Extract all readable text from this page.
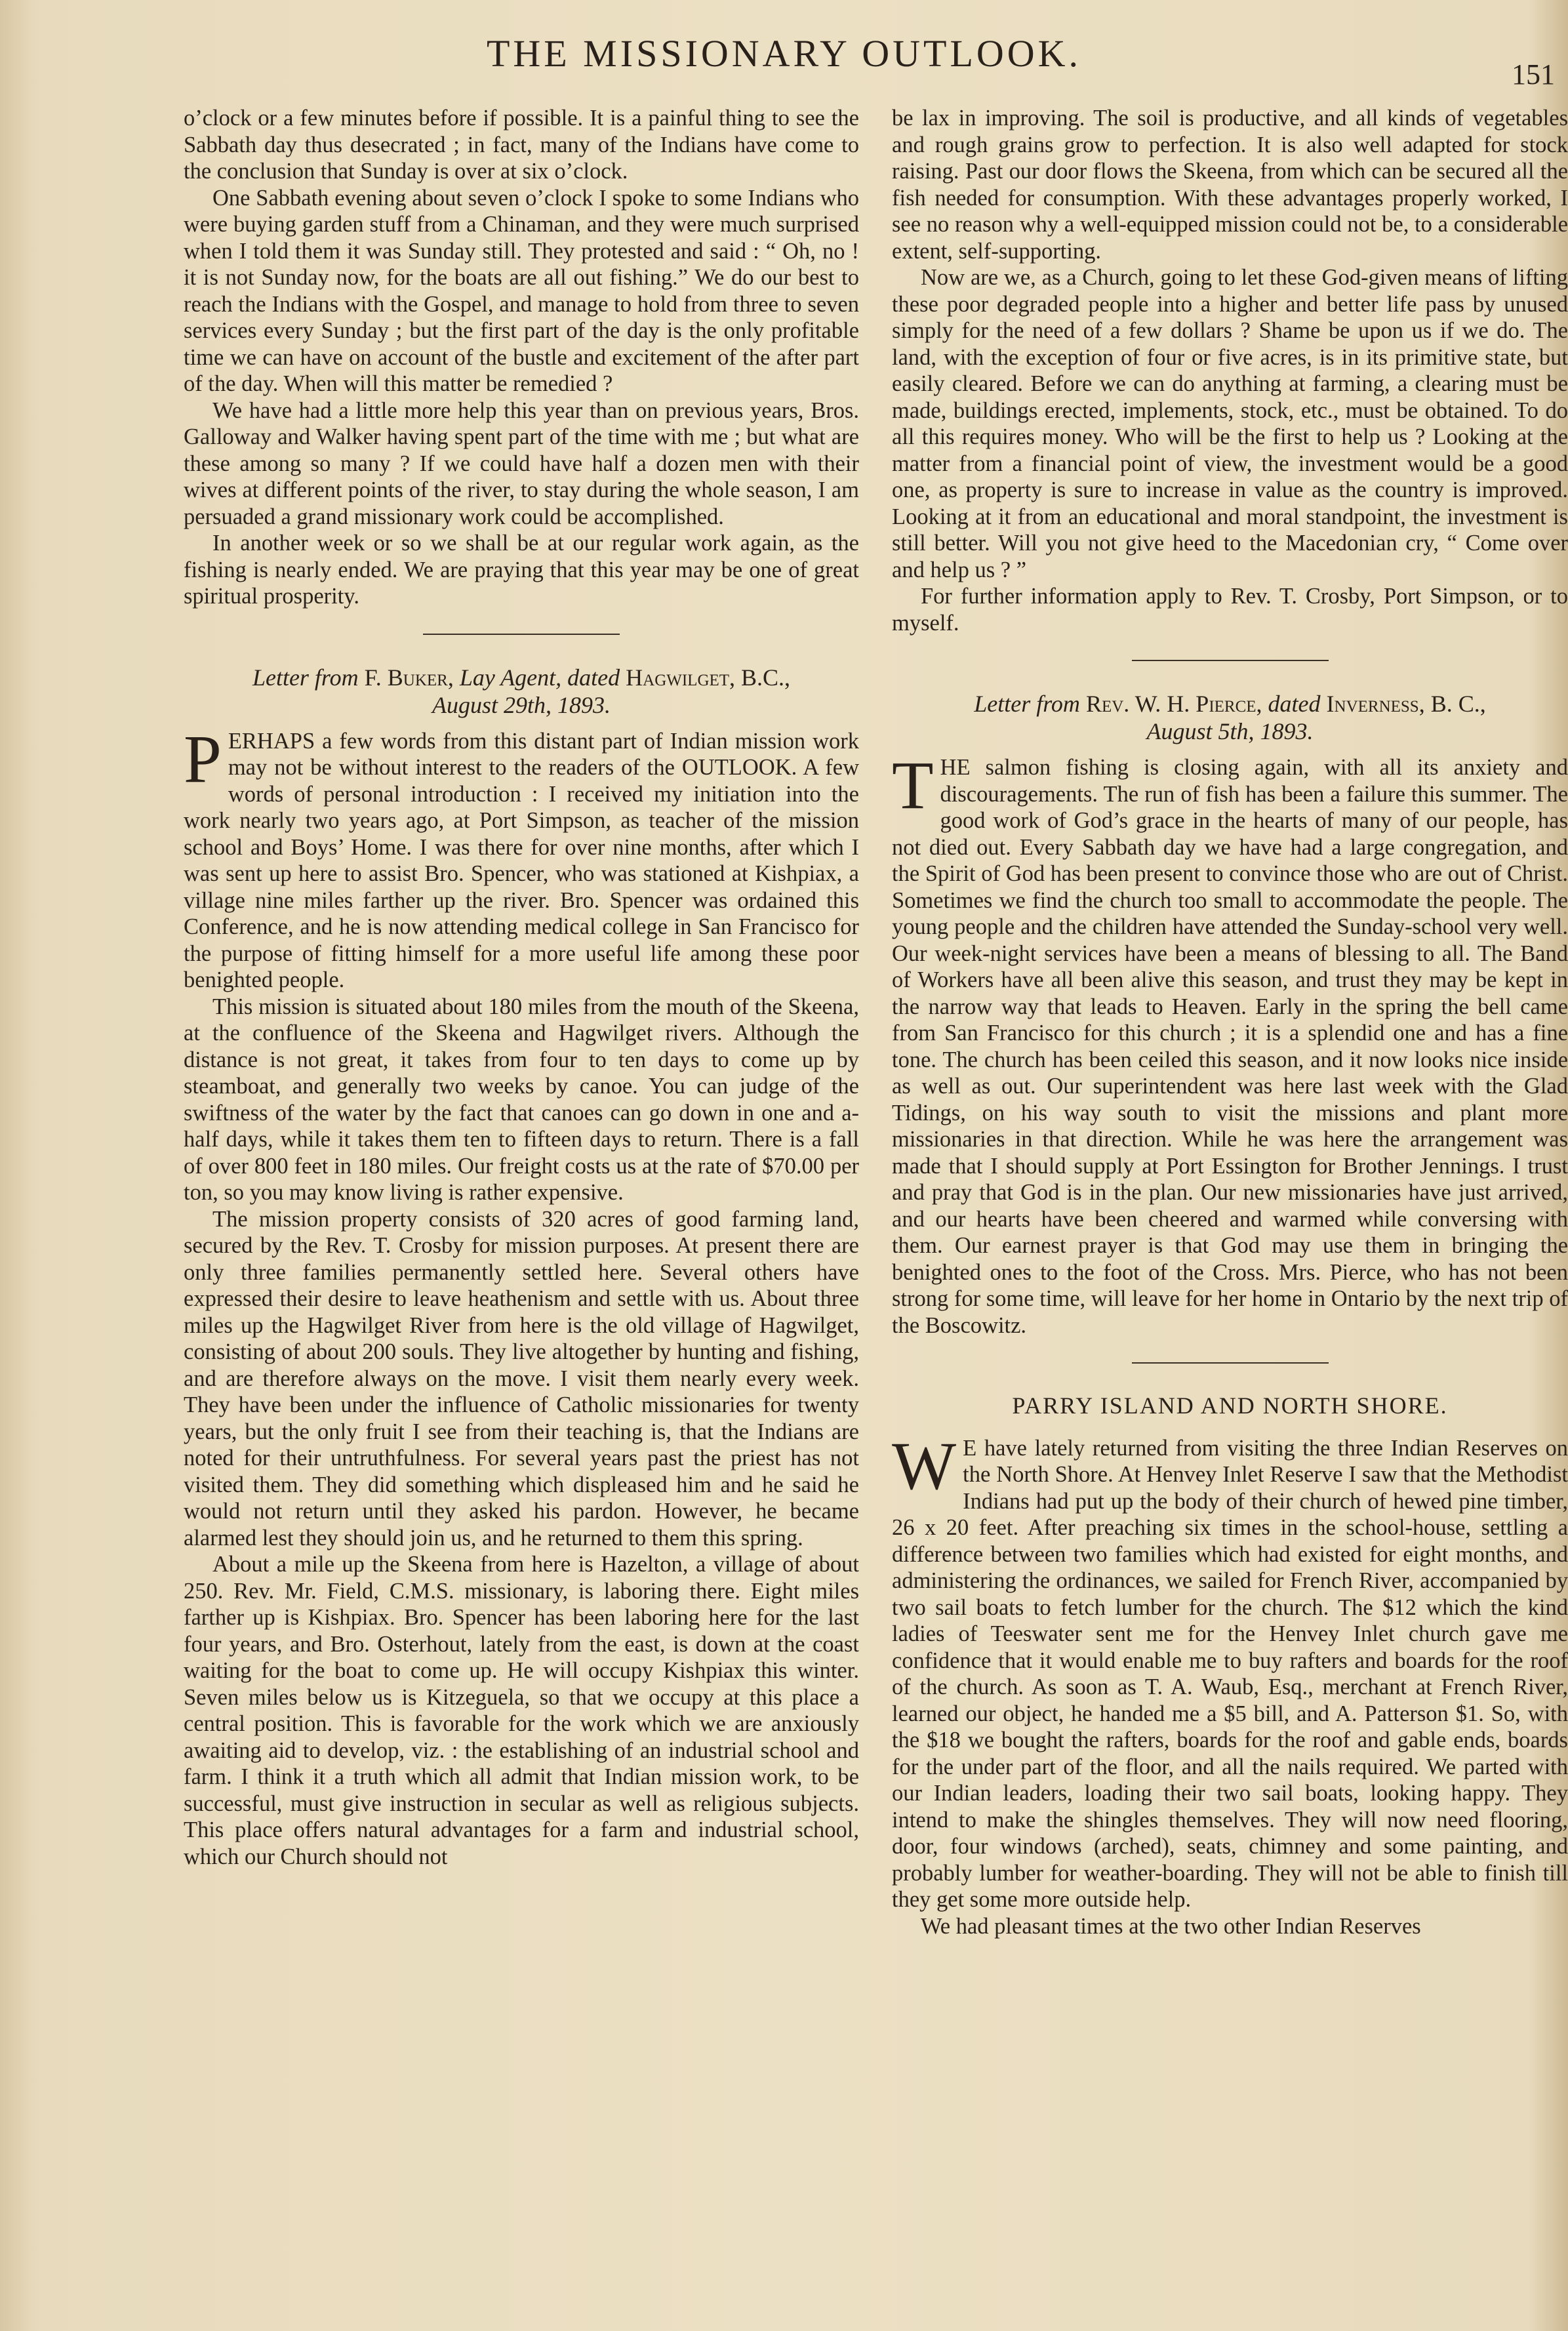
THE MISSIONARY OUTLOOK.	151

o’clock or a few minutes before if possible. It is a painful thing to see the Sabbath day thus desecrated ; in fact, many of the Indians have come to the conclusion that Sunday is over at six o’clock.

One Sabbath evening about seven o’clock I spoke to some Indians who were buying garden stuff from a Chinaman, and they were much surprised when I told them it was Sunday still. They protested and said : “ Oh, no ! it is not Sunday now, for the boats are all out fishing.” We do our best to reach the Indians with the Gospel, and manage to hold from three to seven services every Sunday ; but the first part of the day is the only profitable time we can have on account of the bustle and excitement of the after part of the day. When will this matter be remedied ?

We have had a little more help this year than on previous years, Bros. Galloway and Walker having spent part of the time with me ; but what are these among so many ? If we could have half a dozen men with their wives at different points of the river, to stay during the whole season, I am persuaded a grand missionary work could be accomplished.

In another week or so we shall be at our regular work again, as the fishing is nearly ended. We are praying that this year may be one of great spiritual prosperity.

Letter from F. Buker, Lay Agent, dated Hagwilget, B.C.,
August 29th, 1893.

PERHAPS a few words from this distant part of Indian mission work may not be without interest to the readers of the OUTLOOK. A few words of personal introduction : I received my initiation into the work nearly two years ago, at Port Simpson, as teacher of the mission school and Boys’ Home. I was there for over nine months, after which I was sent up here to assist Bro. Spencer, who was stationed at Kishpiax, a village nine miles farther up the river. Bro. Spencer was ordained this Conference, and he is now attending medical college in San Francisco for the purpose of fitting himself for a more useful life among these poor benighted people.

This mission is situated about 180 miles from the mouth of the Skeena, at the confluence of the Skeena and Hagwilget rivers. Although the distance is not great, it takes from four to ten days to come up by steamboat, and generally two weeks by canoe. You can judge of the swiftness of the water by the fact that canoes can go down in one and a-half days, while it takes them ten to fifteen days to return. There is a fall of over 800 feet in 180 miles. Our freight costs us at the rate of $70.00 per ton, so you may know living is rather expensive.

The mission property consists of 320 acres of good farming land, secured by the Rev. T. Crosby for mission purposes. At present there are only three families permanently settled here. Several others have expressed their desire to leave heathenism and settle with us. About three miles up the Hagwilget River from here is the old village of Hagwilget, consisting of about 200 souls. They live altogether by hunting and fishing, and are therefore always on the move. I visit them nearly every week. They have been under the influence of Catholic missionaries for twenty years, but the only fruit I see from their teaching is, that the Indians are noted for their untruthfulness. For several years past the priest has not visited them. They did something which displeased him and he said he would not return until they asked his pardon. However, he became alarmed lest they should join us, and he returned to them this spring.

About a mile up the Skeena from here is Hazelton, a village of about 250. Rev. Mr. Field, C.M.S. missionary, is laboring there. Eight miles farther up is Kishpiax. Bro. Spencer has been laboring here for the last four years, and Bro. Osterhout, lately from the east, is down at the coast waiting for the boat to come up. He will occupy Kishpiax this winter. Seven miles below us is Kitzeguela, so that we occupy at this place a central position. This is favorable for the work which we are anxiously awaiting aid to develop, viz. : the establishing of an industrial school and farm. I think it a truth which all admit that Indian mission work, to be successful, must give instruction in secular as well as religious subjects. This place offers natural advantages for a farm and industrial school, which our Church should not

be lax in improving. The soil is productive, and all kinds of vegetables and rough grains grow to perfection. It is also well adapted for stock raising. Past our door flows the Skeena, from which can be secured all the fish needed for consumption. With these advantages properly worked, I see no reason why a well-equipped mission could not be, to a considerable extent, self-supporting.

Now are we, as a Church, going to let these God-given means of lifting these poor degraded people into a higher and better life pass by unused simply for the need of a few dollars ? Shame be upon us if we do. The land, with the exception of four or five acres, is in its primitive state, but easily cleared. Before we can do anything at farming, a clearing must be made, buildings erected, implements, stock, etc., must be obtained. To do all this requires money. Who will be the first to help us ? Looking at the matter from a financial point of view, the investment would be a good one, as property is sure to increase in value as the country is improved. Looking at it from an educational and moral standpoint, the investment is still better. Will you not give heed to the Macedonian cry, “ Come over and help us ? ”

For further information apply to Rev. T. Crosby, Port Simpson, or to myself.

Letter from Rev. W. H. Pierce, dated Inverness, B. C.,
August 5th, 1893.

THE salmon fishing is closing again, with all its anxiety and discouragements. The run of fish has been a failure this summer. The good work of God’s grace in the hearts of many of our people, has not died out. Every Sabbath day we have had a large congregation, and the Spirit of God has been present to convince those who are out of Christ. Sometimes we find the church too small to accommodate the people. The young people and the children have attended the Sunday-school very well. Our week-night services have been a means of blessing to all. The Band of Workers have all been alive this season, and trust they may be kept in the narrow way that leads to Heaven. Early in the spring the bell came from San Francisco for this church ; it is a splendid one and has a fine tone. The church has been ceiled this season, and it now looks nice inside as well as out. Our superintendent was here last week with the Glad Tidings, on his way south to visit the missions and plant more missionaries in that direction. While he was here the arrangement was made that I should supply at Port Essington for Brother Jennings. I trust and pray that God is in the plan. Our new missionaries have just arrived, and our hearts have been cheered and warmed while conversing with them. Our earnest prayer is that God may use them in bringing the benighted ones to the foot of the Cross. Mrs. Pierce, who has not been strong for some time, will leave for her home in Ontario by the next trip of the Boscowitz.

PARRY ISLAND AND NORTH SHORE.

W E have lately returned from visiting the three Indian Reserves on the North Shore. At Henvey Inlet Reserve I saw that the Methodist Indians had put up the body of their church of hewed pine timber, 26 x 20 feet. After preaching six times in the school-house, settling a difference between two families which had existed for eight months, and administering the ordinances, we sailed for French River, accompanied by two sail boats to fetch lumber for the church. The $12 which the kind ladies of Teeswater sent me for the Henvey Inlet church gave me confidence that it would enable me to buy rafters and boards for the roof of the church. As soon as T. A. Waub, Esq., merchant at French River, learned our object, he handed me a $5 bill, and A. Patterson $1. So, with the $18 we bought the rafters, boards for the roof and gable ends, boards for the under part of the floor, and all the nails required. We parted with our Indian leaders, loading their two sail boats, looking happy. They intend to make the shingles themselves. They will now need flooring, door, four windows (arched), seats, chimney and some painting, and probably lumber for weather-boarding. They will not be able to finish till they get some more outside help.

We had pleasant times at the two other Indian Reserves
